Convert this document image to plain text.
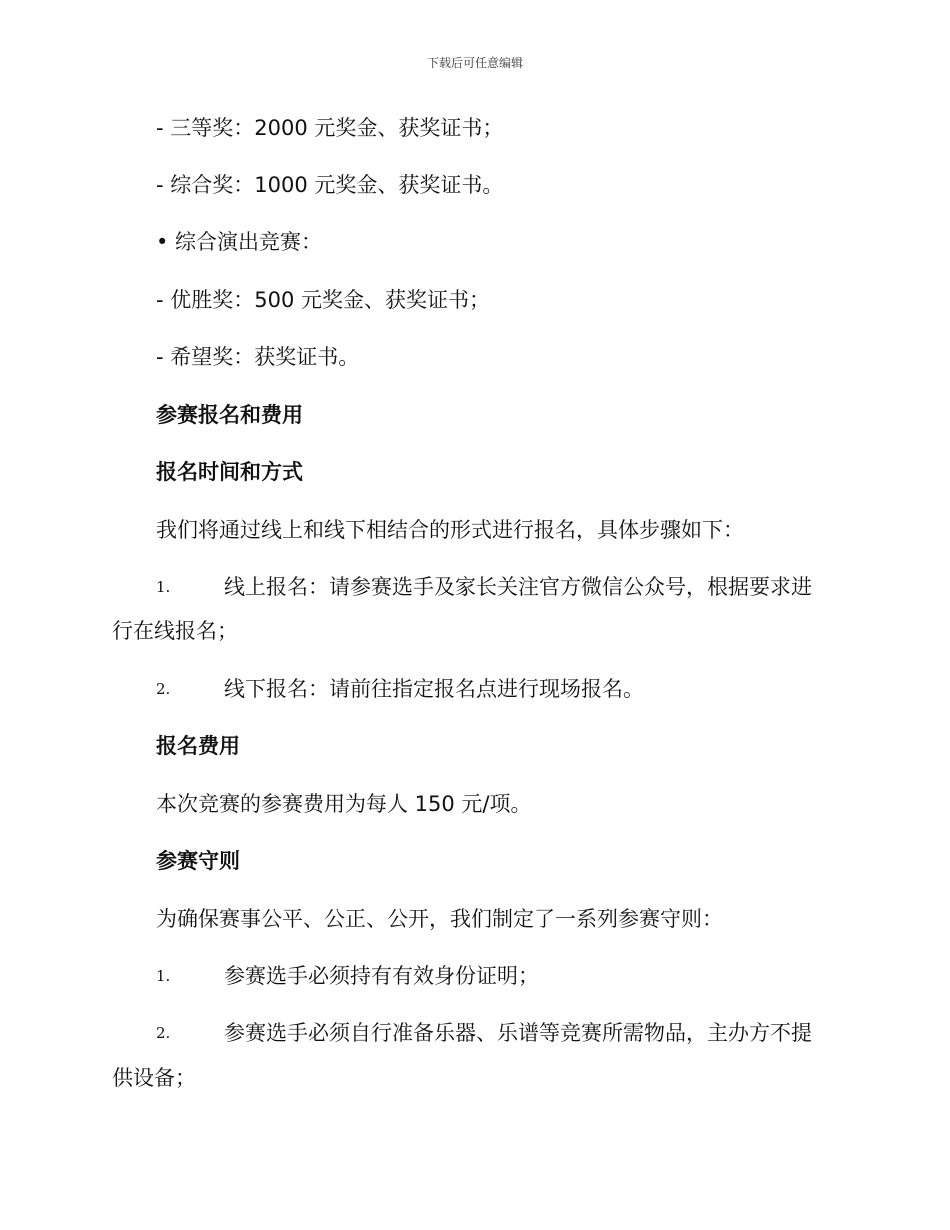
下载后可任意编辑
- 三等奖：2000 元奖金、获奖证书；
- 综合奖：1000 元奖金、获奖证书。
• 综合演出竞赛：
- 优胜奖：500 元奖金、获奖证书；
- 希望奖：获奖证书。
参赛报名和费用
报名时间和方式
我们将通过线上和线下相结合的形式进行报名，具体步骤如下：
1.	线上报名：请参赛选手及家长关注官方微信公众号，根据要求进
行在线报名；
2.	线下报名：请前往指定报名点进行现场报名。
报名费用
本次竞赛的参赛费用为每人 150 元/项。
参赛守则
为确保赛事公平、公正、公开，我们制定了一系列参赛守则：
1.	参赛选手必须持有有效身份证明；
2.	参赛选手必须自行准备乐器、乐谱等竞赛所需物品，主办方不提
供设备；
